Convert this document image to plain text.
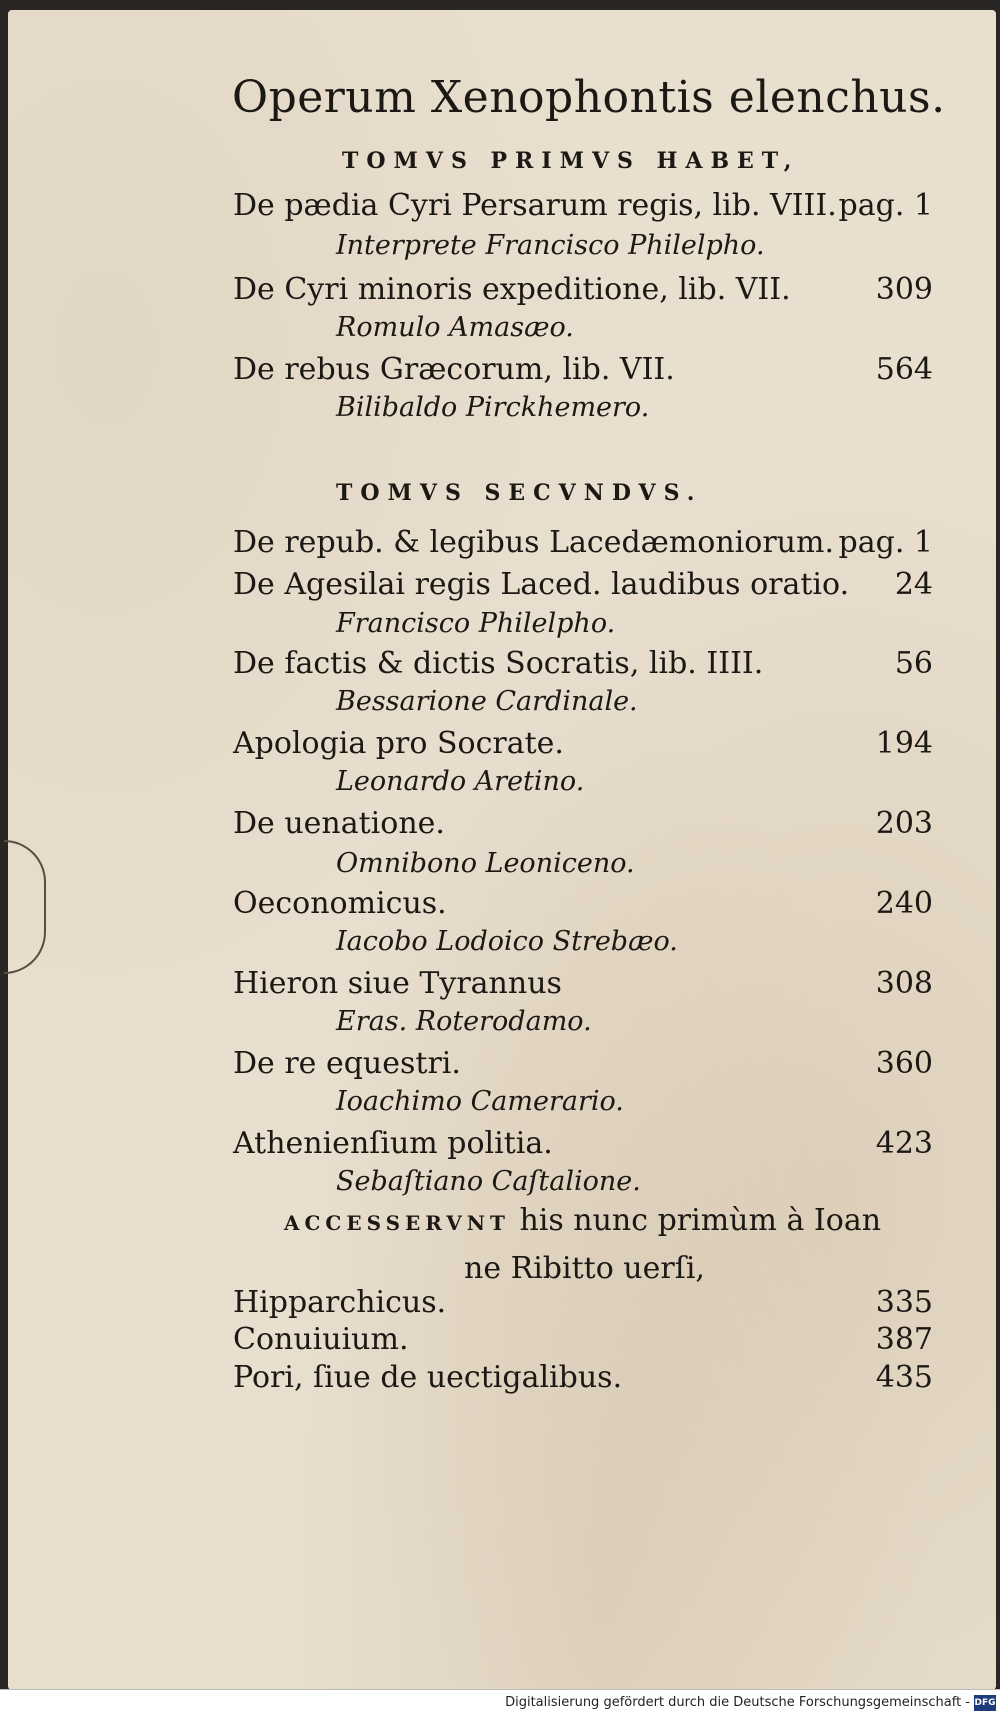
Operum Xenophontis elenchus.
TOMVS PRIMVS HABET,
De pædia Cyri Persarum regis, lib. VIII. pag. 1
Interprete Francisco Philelpho.
De Cyri minoris expeditione, lib. VII.	309
Romulo Amasæo.
De rebus Græcorum, lib. VII.	564
Bilibaldo Pirckhemero.
TOMVS SECVNDVS.
De repub. & legibus Lacedæmoniorum. pag. 1
De Agesilai regis Laced. laudibus oratio. 24
Francisco Philelpho.
De factis & dictis Socratis, lib. IIII.	56
Bessarione Cardinale.
Apologia pro Socrate.	194
Leonardo Aretino.
De uenatione.	203
Omnibono Leoniceno.
Oeconomicus.	240
Iacobo Lodoico Strebæo.
Hieron siue Tyrannus	308
Eras. Roterodamo.
De re equestri.	360
Ioachimo Camerario.
Athenienſium politia.	423
Sebaſtiano Caſtalione.
ACCESSERVNT his nunc primùm à Ioan
ne Ribitto uerſi,
Hipparchicus.	335
Conuiuium.	387
Pori, ſiue de uectigalibus.	435
Digitalisierung gefördert durch die Deutsche Forschungsgemeinschaft - DFG
